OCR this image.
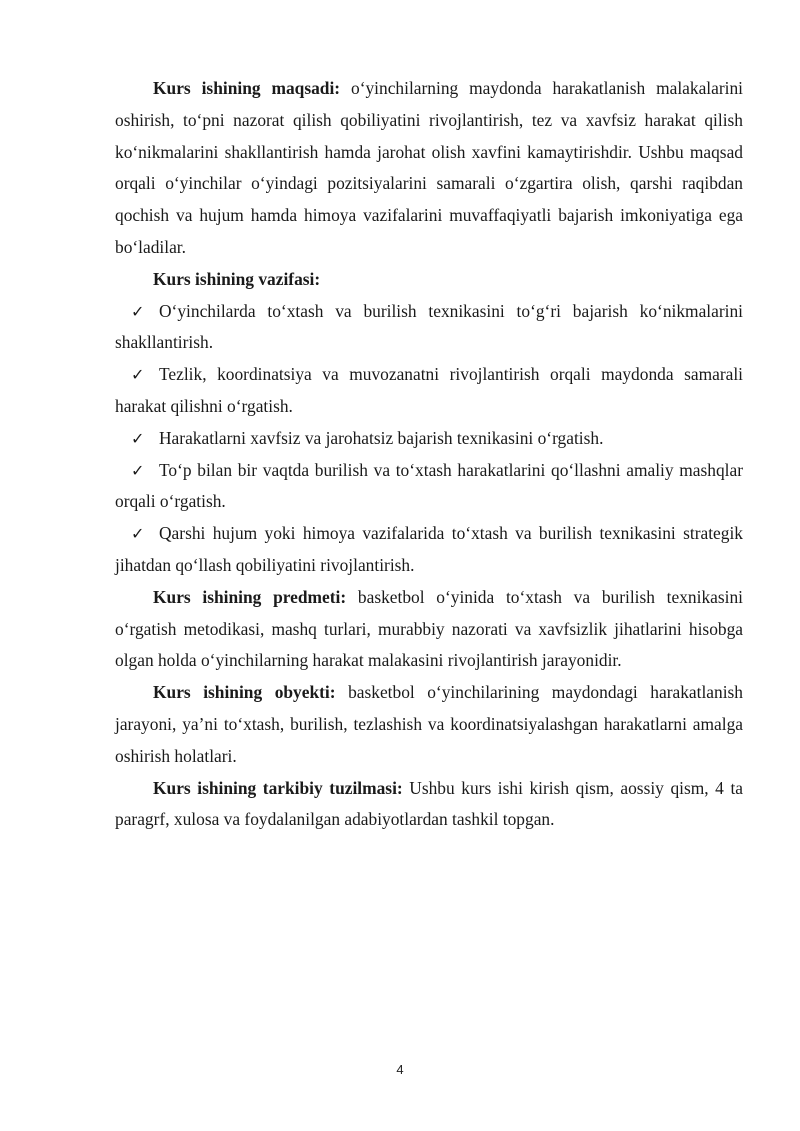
Kurs ishining maqsadi: o‘yinchilarning maydonda harakatlanish malakalarini oshirish, to‘pni nazorat qilish qobiliyatini rivojlantirish, tez va xavfsiz harakat qilish ko‘nikmalarini shakllantirish hamda jarohat olish xavfini kamaytirishdir. Ushbu maqsad orqali o‘yinchilar o‘yindagi pozitsiyalarini samarali o‘zgartira olish, qarshi raqibdan qochish va hujum hamda himoya vazifalarini muvaffaqiyatli bajarish imkoniyatiga ega bo‘ladilar.

Kurs ishining vazifasi:

✓ O‘yinchilarda to‘xtash va burilish texnikasini to‘g‘ri bajarish ko‘nikmalarini shakllantirish.

✓ Tezlik, koordinatsiya va muvozanatni rivojlantirish orqali maydonda samarali harakat qilishni o‘rgatish.

✓ Harakatlarni xavfsiz va jarohatsiz bajarish texnikasini o‘rgatish.

✓ To‘p bilan bir vaqtda burilish va to‘xtash harakatlarini qo‘llashni amaliy mashqlar orqali o‘rgatish.

✓ Qarshi hujum yoki himoya vazifalarida to‘xtash va burilish texnikasini strategik jihatdan qo‘llash qobiliyatini rivojlantirish.

Kurs ishining predmeti: basketbol o‘yinida to‘xtash va burilish texnikasini o‘rgatish metodikasi, mashq turlari, murabbiy nazorati va xavfsizlik jihatlarini hisobga olgan holda o‘yinchilarning harakat malakasini rivojlantirish jarayonidir.

Kurs ishining obyekti: basketbol o‘yinchilarining maydondagi harakatlanish jarayoni, ya’ni to‘xtash, burilish, tezlashish va koordinatsiyalashgan harakatlarni amalga oshirish holatlari.

Kurs ishining tarkibiy tuzilmasi: Ushbu kurs ishi kirish qism, aossiy qism, 4 ta paragrf, xulosa va foydalanilgan adabiyotlardan tashkil topgan.

4
